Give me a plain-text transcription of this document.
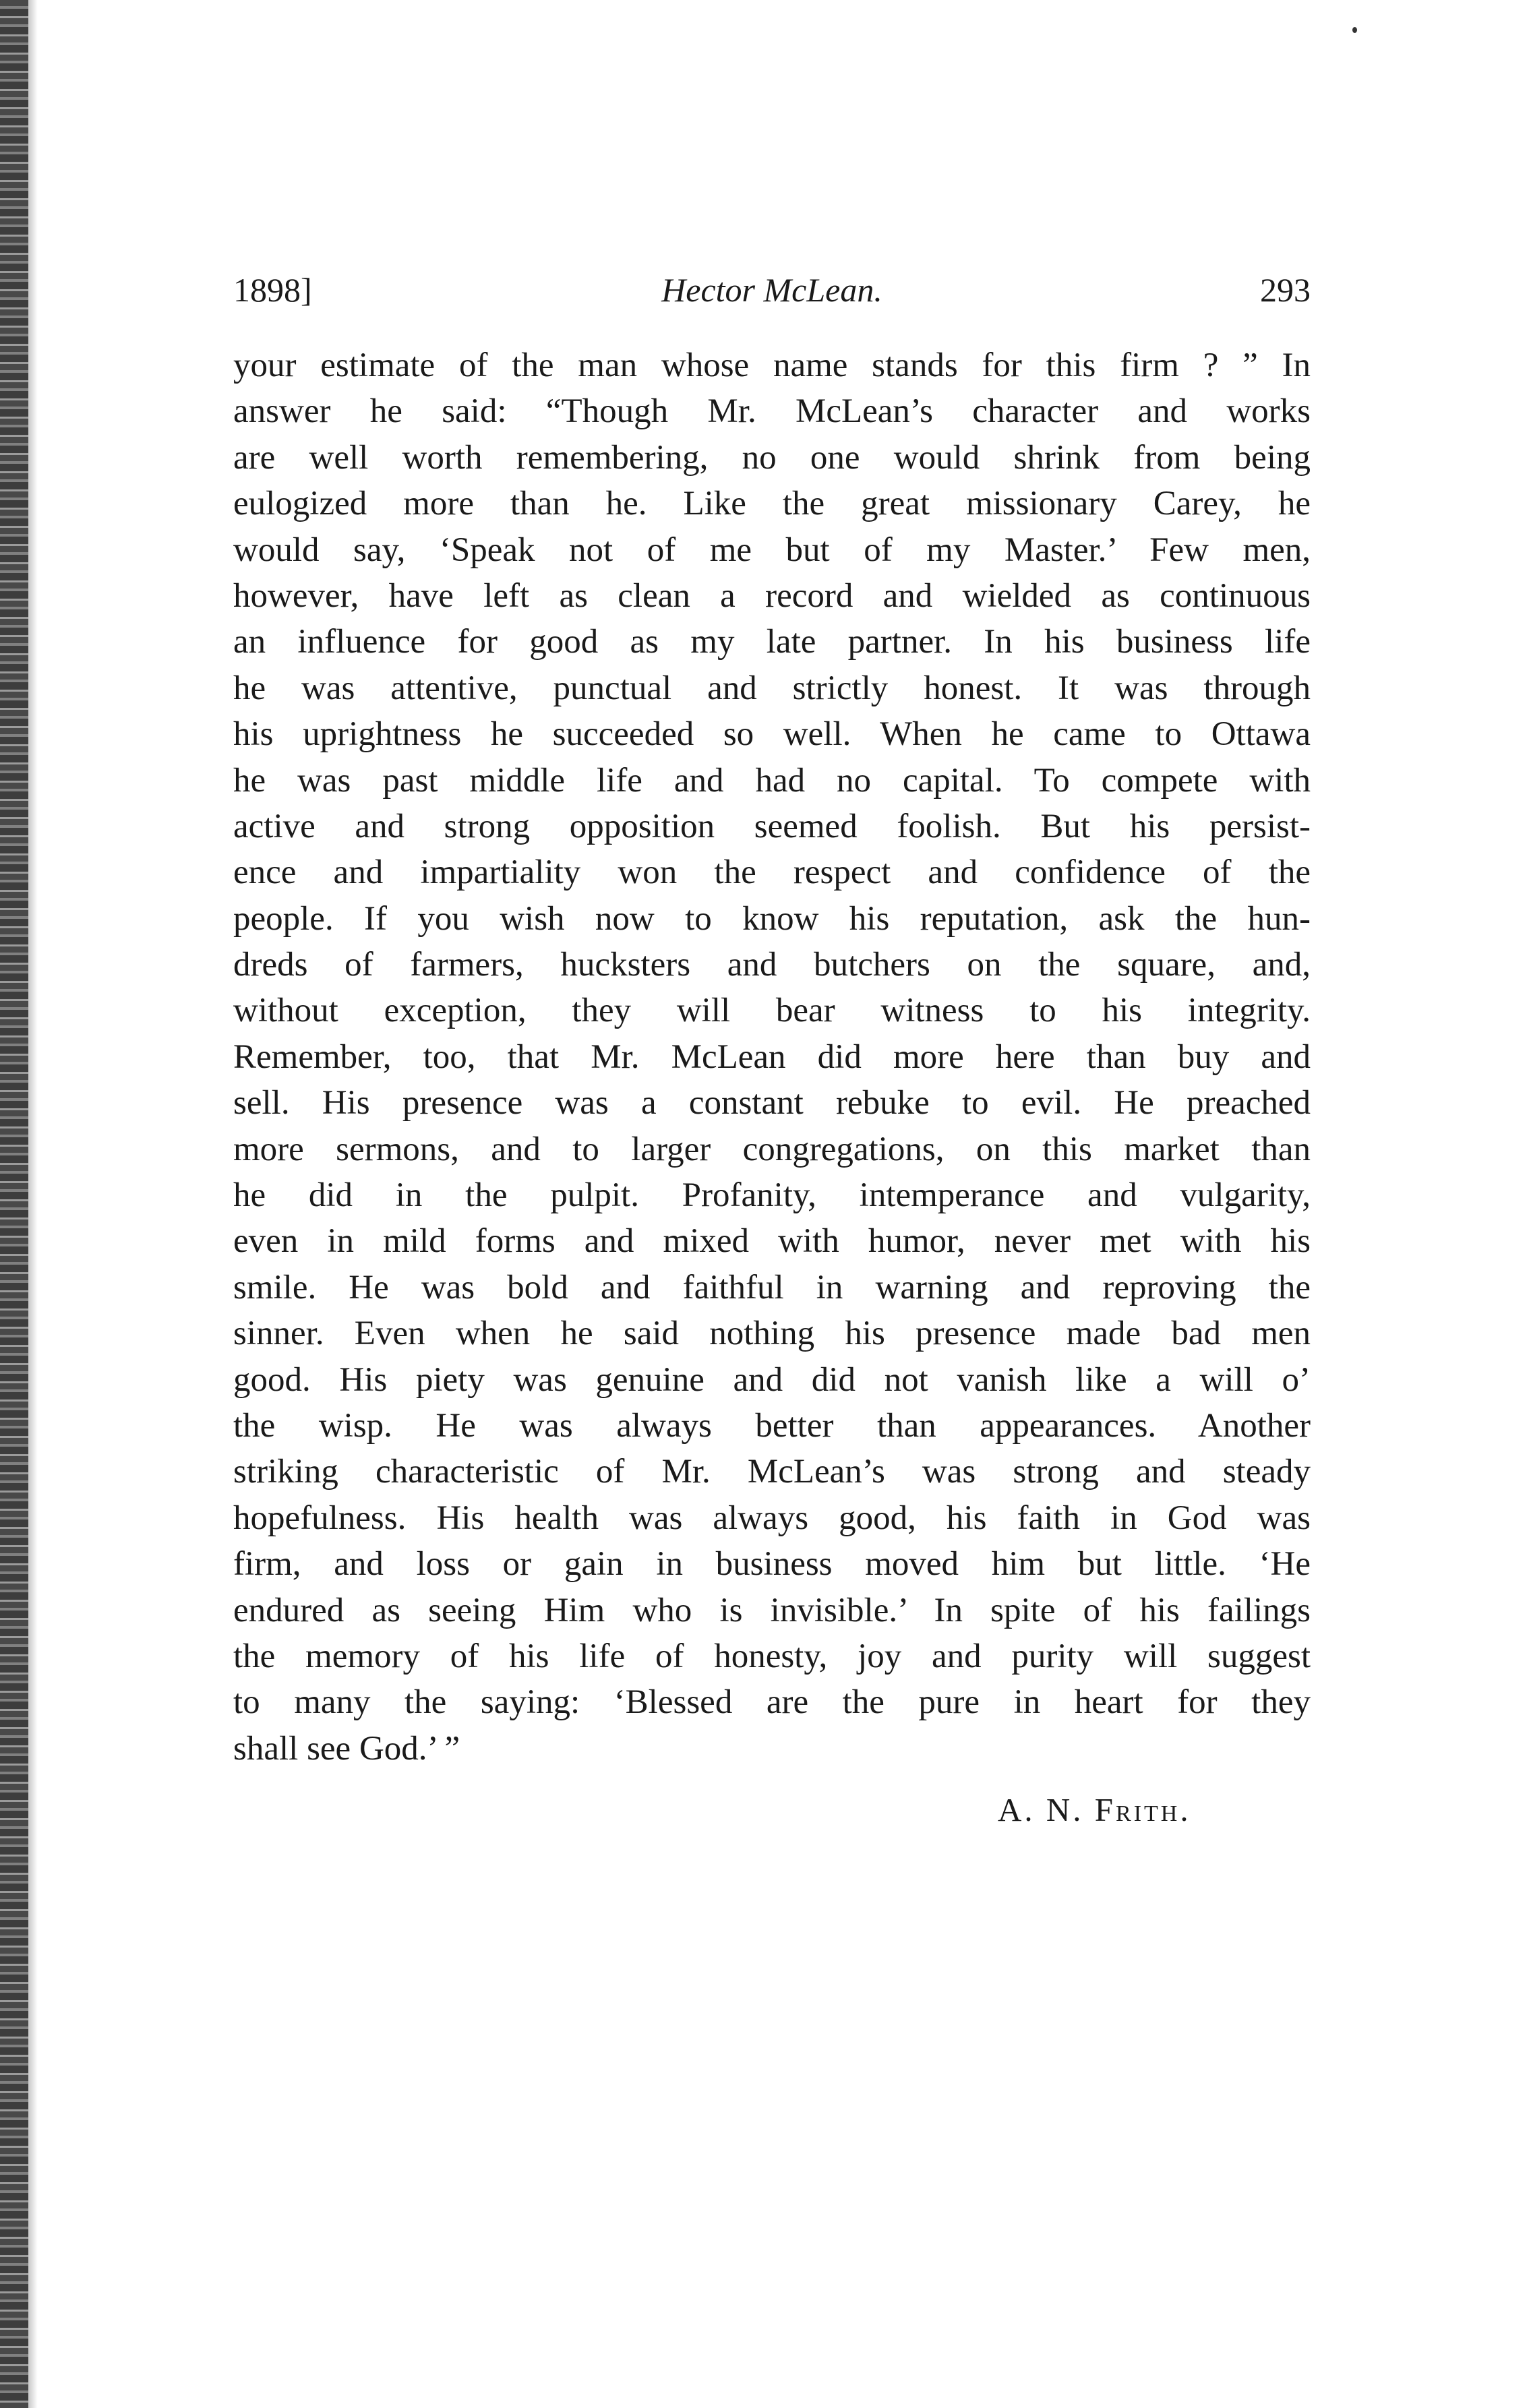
1898]	Hector McLean.	293
your estimate of the man whose name stands for this firm ? ” In
answer he said: “Though Mr. McLean’s character and works
are well worth remembering, no one would shrink from being
eulogized more than he. Like the great missionary Carey, he
would say, ‘Speak not of me but of my Master.’ Few men,
however, have left as clean a record and wielded as continuous
an influence for good as my late partner. In his business life
he was attentive, punctual and strictly honest. It was through
his uprightness he succeeded so well. When he came to Ottawa
he was past middle life and had no capital. To compete with
active and strong opposition seemed foolish. But his persist-
ence and impartiality won the respect and confidence of the
people. If you wish now to know his reputation, ask the hun-
dreds of farmers, hucksters and butchers on the square, and,
without exception, they will bear witness to his integrity.
Remember, too, that Mr. McLean did more here than buy and
sell. His presence was a constant rebuke to evil. He preached
more sermons, and to larger congregations, on this market than
he did in the pulpit. Profanity, intemperance and vulgarity,
even in mild forms and mixed with humor, never met with his
smile. He was bold and faithful in warning and reproving the
sinner. Even when he said nothing his presence made bad men
good. His piety was genuine and did not vanish like a will o’
the wisp. He was always better than appearances. Another
striking characteristic of Mr. McLean’s was strong and steady
hopefulness. His health was always good, his faith in God was
firm, and loss or gain in business moved him but little. ‘He
endured as seeing Him who is invisible.’ In spite of his failings
the memory of his life of honesty, joy and purity will suggest
to many the saying: ‘Blessed are the pure in heart for they
shall see God.’ ”
A. N. Frith.
